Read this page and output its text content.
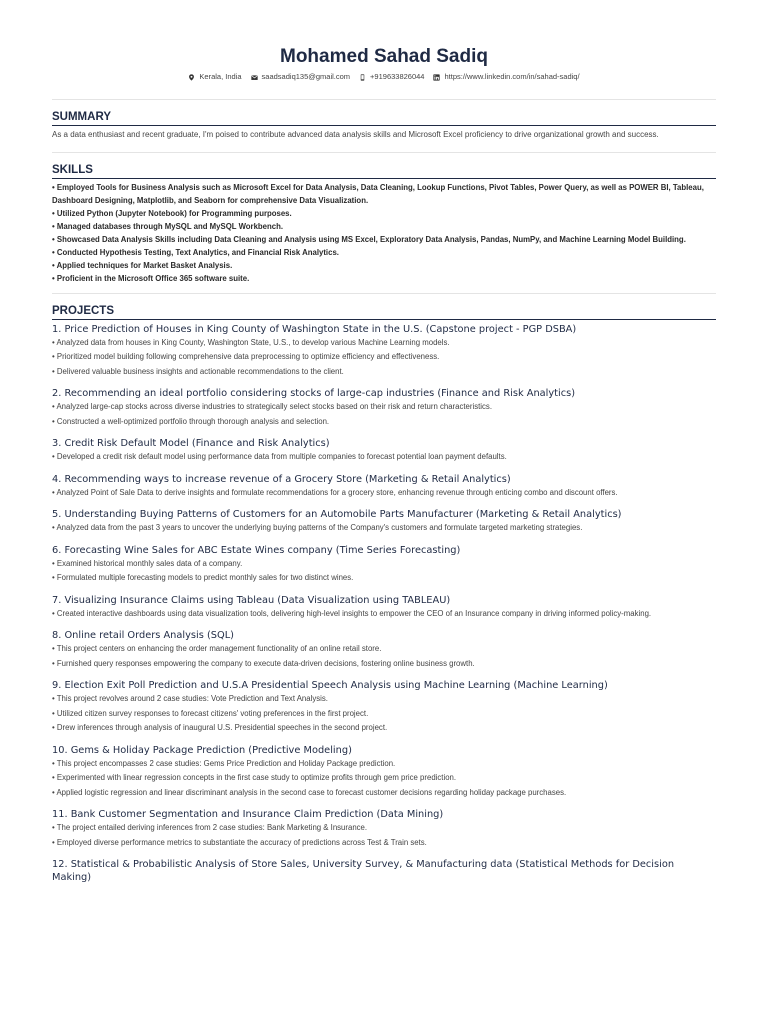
Mohamed Sahad Sadiq
Kerala, India	saadsadiq135@gmail.com	+919633826044	https://www.linkedin.com/in/sahad-sadiq/
SUMMARY

As a data enthusiast and recent graduate, I'm poised to contribute advanced data analysis skills and Microsoft Excel proficiency to drive organizational growth and success.

SKILLS
• Employed Tools for Business Analysis such as Microsoft Excel for Data Analysis, Data Cleaning, Lookup Functions, Pivot Tables, Power Query, as well as POWER BI, Tableau, Dashboard Designing, Matplotlib, and Seaborn for comprehensive Data Visualization.
• Utilized Python (Jupyter Notebook) for Programming purposes.
• Managed databases through MySQL and MySQL Workbench.
• Showcased Data Analysis Skills including Data Cleaning and Analysis using MS Excel, Exploratory Data Analysis, Pandas, NumPy, and Machine Learning Model Building.
• Conducted Hypothesis Testing, Text Analytics, and Financial Risk Analytics.
• Applied techniques for Market Basket Analysis.
• Proficient in the Microsoft Office 365 software suite.
PROJECTS
1. Price Prediction of Houses in King County of Washington State in the U.S. (Capstone project - PGP DSBA)
• Analyzed data from houses in King County, Washington State, U.S., to develop various Machine Learning models.
• Prioritized model building following comprehensive data preprocessing to optimize efficiency and effectiveness.
• Delivered valuable business insights and actionable recommendations to the client.
2. Recommending an ideal portfolio considering stocks of large-cap industries (Finance and Risk Analytics)
• Analyzed large-cap stocks across diverse industries to strategically select stocks based on their risk and return characteristics.
• Constructed a well-optimized portfolio through thorough analysis and selection.
3. Credit Risk Default Model (Finance and Risk Analytics)
• Developed a credit risk default model using performance data from multiple companies to forecast potential loan payment defaults.
4. Recommending ways to increase revenue of a Grocery Store (Marketing & Retail Analytics)
• Analyzed Point of Sale Data to derive insights and formulate recommendations for a grocery store, enhancing revenue through enticing combo and discount offers.
5. Understanding Buying Patterns of Customers for an Automobile Parts Manufacturer (Marketing & Retail Analytics)
• Analyzed data from the past 3 years to uncover the underlying buying patterns of the Company's customers and formulate targeted marketing strategies.
6. Forecasting Wine Sales for ABC Estate Wines company (Time Series Forecasting)
• Examined historical monthly sales data of a company.
• Formulated multiple forecasting models to predict monthly sales for two distinct wines.
7. Visualizing Insurance Claims using Tableau (Data Visualization using TABLEAU)
• Created interactive dashboards using data visualization tools, delivering high-level insights to empower the CEO of an Insurance company in driving informed policy-making.
8. Online retail Orders Analysis (SQL)
• This project centers on enhancing the order management functionality of an online retail store.
• Furnished query responses empowering the company to execute data-driven decisions, fostering online business growth.
9. Election Exit Poll Prediction and U.S.A Presidential Speech Analysis using Machine Learning (Machine Learning)
• This project revolves around 2 case studies: Vote Prediction and Text Analysis.
• Utilized citizen survey responses to forecast citizens' voting preferences in the first project.
• Drew inferences through analysis of inaugural U.S. Presidential speeches in the second project.
10. Gems & Holiday Package Prediction (Predictive Modeling)
• This project encompasses 2 case studies: Gems Price Prediction and Holiday Package prediction.
• Experimented with linear regression concepts in the first case study to optimize profits through gem price prediction.
• Applied logistic regression and linear discriminant analysis in the second case to forecast customer decisions regarding holiday package purchases.
11. Bank Customer Segmentation and Insurance Claim Prediction (Data Mining)
• The project entailed deriving inferences from 2 case studies: Bank Marketing & Insurance.
• Employed diverse performance metrics to substantiate the accuracy of predictions across Test & Train sets.
12. Statistical & Probabilistic Analysis of Store Sales, University Survey, & Manufacturing data (Statistical Methods for Decision Making)
